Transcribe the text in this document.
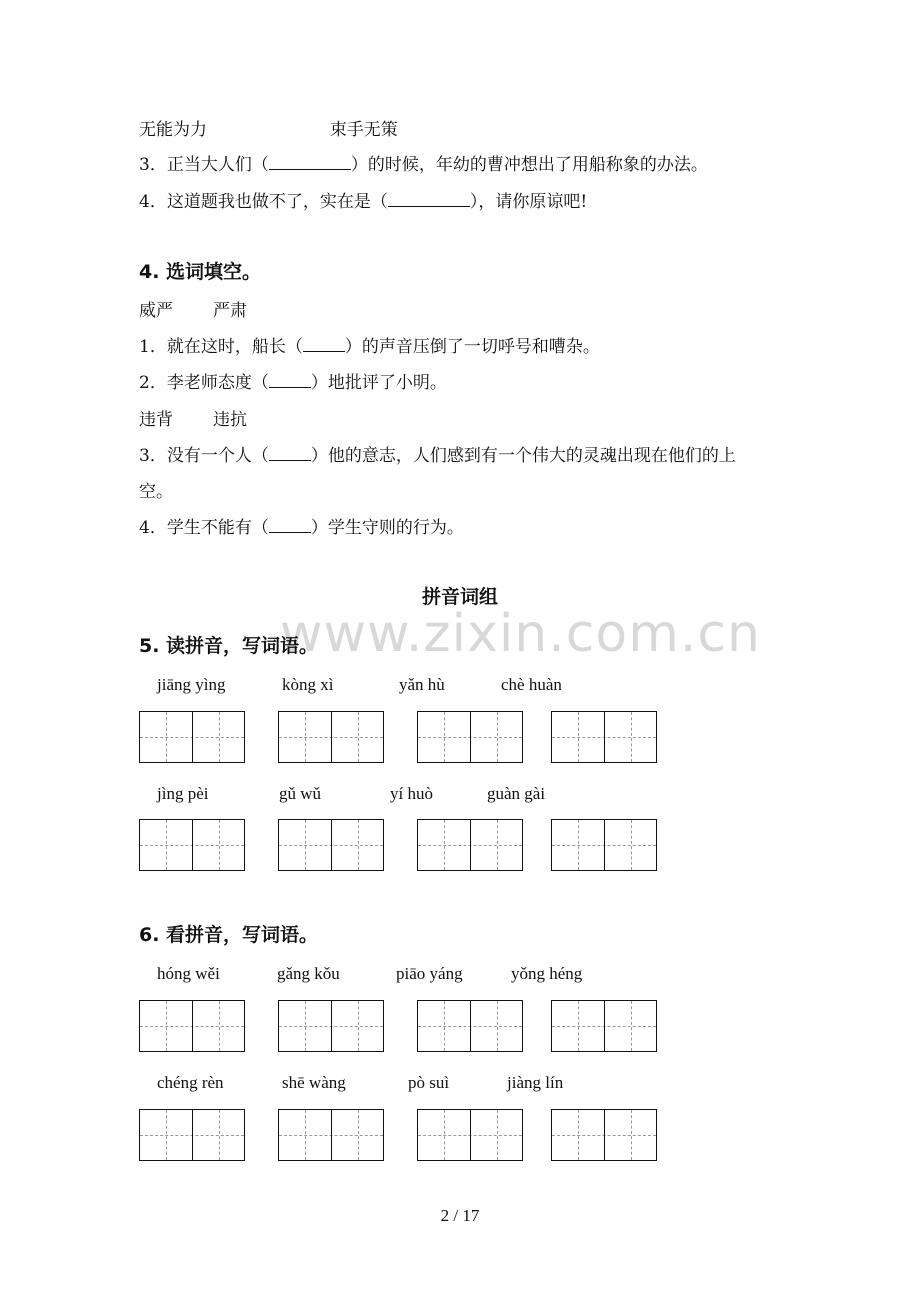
www.zixin.com.cn
无能为力	束手无策
3．正当大人们（	）的时候，年幼的曹冲想出了用船称象的办法。
4．这道题我也做不了，实在是（	），请你原谅吧!
4. 选词填空。
威严 严肃
1．就在这时，船长（ ）的声音压倒了一切呼号和嘈杂。
2．李老师态度（ ）地批评了小明。
违背 违抗
3．没有一个人（ ）他的意志，人们感到有一个伟大的灵魂出现在他们的上
空。
4．学生不能有（ ）学生守则的行为。
拼音词组
5. 读拼音，写词语。
jiāng yìng	kòng xì	yǎn hù	chè huàn
jìng pèi	gǔ wǔ	yí huò	guàn gài
6. 看拼音，写词语。
hóng wěi	gǎng kǒu	piāo yáng	yǒng héng
chéng rèn	shē wàng	pò suì	jiàng lín
2 / 17
